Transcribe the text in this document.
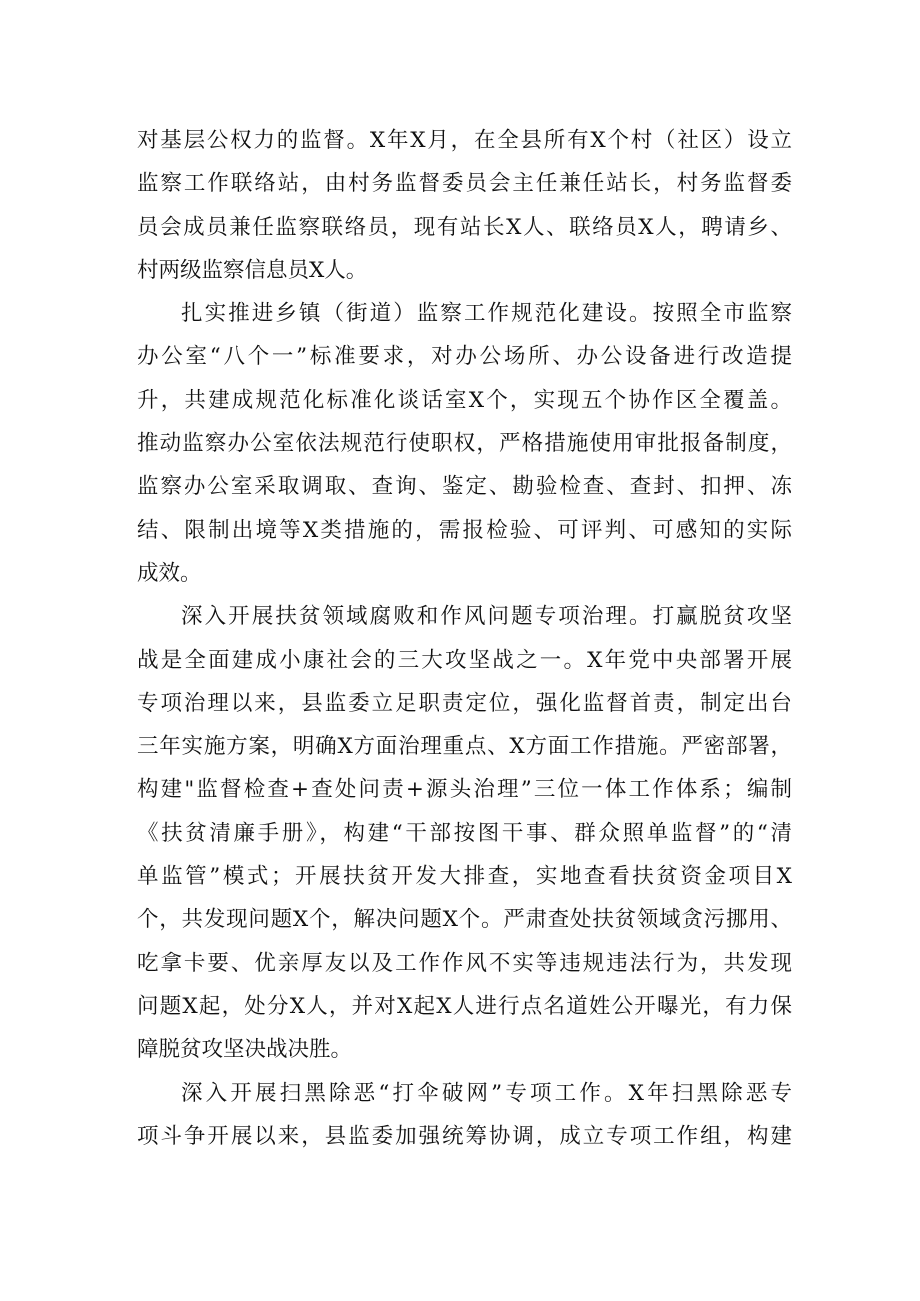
对基层公权力的监督。X年X月，在全县所有X个村（社区）设立
监察工作联络站，由村务监督委员会主任兼任站长，村务监督委
员会成员兼任监察联络员，现有站长X人、联络员X人，聘请乡、
村两级监察信息员X人。
扎实推进乡镇（街道）监察工作规范化建设。按照全市监察
办公室“八个一”标准要求，对办公场所、办公设备进行改造提
升，共建成规范化标准化谈话室X个，实现五个协作区全覆盖。
推动监察办公室依法规范行使职权，严格措施使用审批报备制度，
监察办公室采取调取、查询、鉴定、勘验检查、查封、扣押、冻
结、限制出境等X类措施的，需报检验、可评判、可感知的实际
成效。
深入开展扶贫领域腐败和作风问题专项治理。打赢脱贫攻坚
战是全面建成小康社会的三大攻坚战之一。X年党中央部署开展
专项治理以来，县监委立足职责定位，强化监督首责，制定出台
三年实施方案，明确X方面治理重点、X方面工作措施。严密部署，
构建"监督检查+查处问责+源头治理”三位一体工作体系；编制
《扶贫清廉手册》，构建“干部按图干事、群众照单监督”的“清
单监管”模式；开展扶贫开发大排查，实地查看扶贫资金项目X
个，共发现问题X个，解决问题X个。严肃查处扶贫领域贪污挪用、
吃拿卡要、优亲厚友以及工作作风不实等违规违法行为，共发现
问题X起，处分X人，并对X起X人进行点名道姓公开曝光，有力保
障脱贫攻坚决战决胜。
深入开展扫黑除恶“打伞破网”专项工作。X年扫黑除恶专
项斗争开展以来，县监委加强统筹协调，成立专项工作组，构建
